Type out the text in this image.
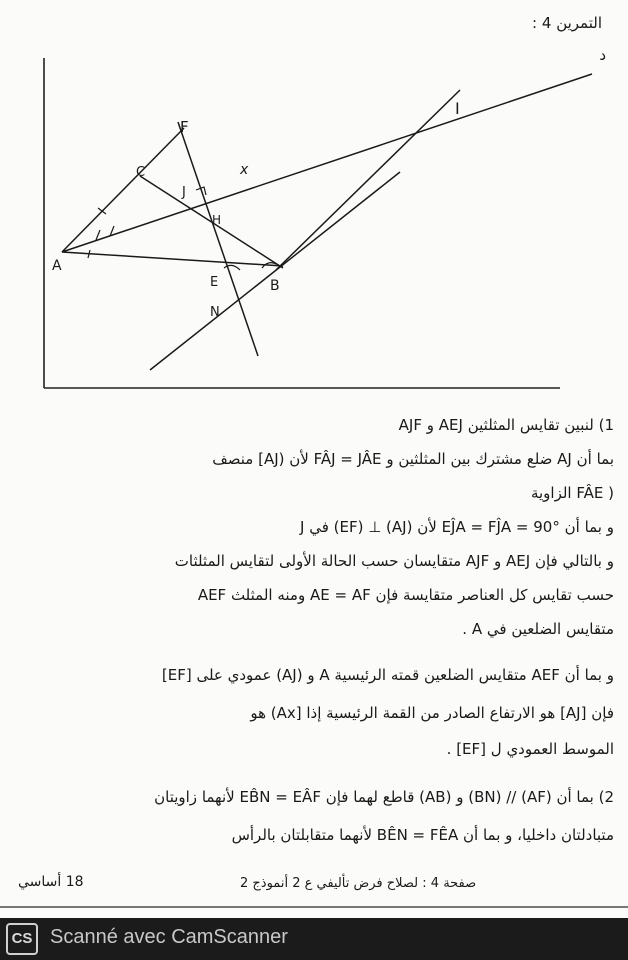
التمرين 4 :
د
F
C
J
H
A
E	B
N
I
x
1) لنبين تقايس المثلثين AEJ و AJF
بما أن AJ ضلع مشترك بين المثلثين و FÂJ = JÂE لأن (AJ] منصف
( FÂE الزاوية
و بما أن EĴA = FĴA = 90° لأن (AJ) ⊥ (EF) في J
و بالتالي فإن AEJ و AJF متقايسان حسب الحالة الأولى لتقايس المثلثات
حسب تقايس كل العناصر متقايسة فإن AE = AF ومنه المثلث AEF
متقايس الضلعين في A .
و بما أن AEF متقايس الضلعين قمته الرئيسية A و (AJ) عمودي على [EF]
فإن [AJ] هو الارتفاع الصادر من القمة الرئيسية إذا [Ax) هو
الموسط العمودي ل [EF] .
2) بما أن (AF) // (BN) و (AB) قاطع لهما فإن EB̂N = EÂF لأنهما زاويتان
متبادلتان داخليا، و بما أن BÊN = FÊA لأنهما متقابلتان بالرأس
18 أساسي	صفحة 4 : لصلاح فرض تأليفي ع 2 أنموذج 2
CS Scanné avec CamScanner
